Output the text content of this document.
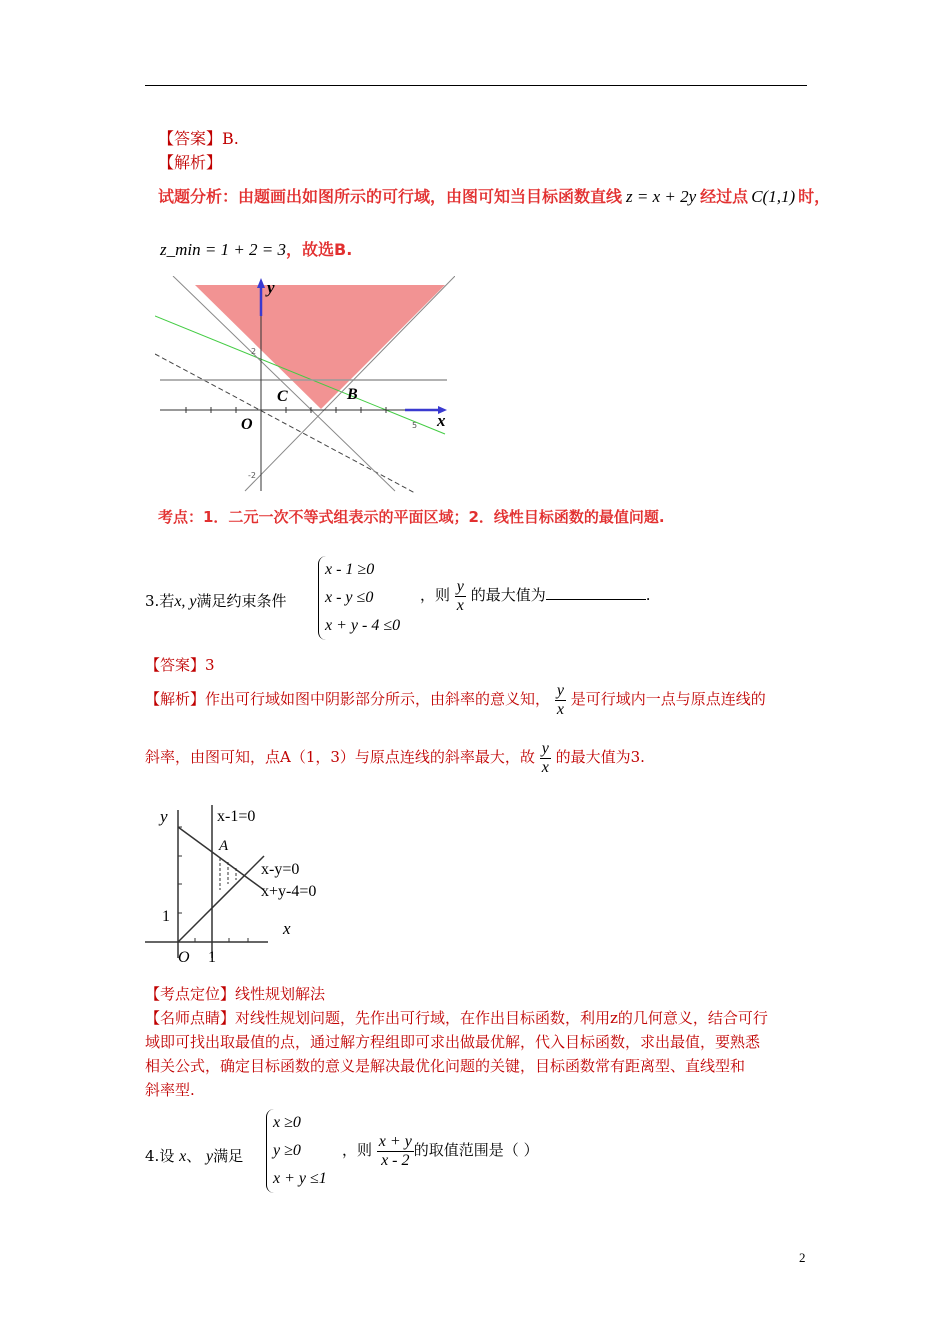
【答案】B.
【解析】
试题分析：由题画出如图所示的可行域，由图可知当目标函数直线 z = x + 2y 经过点 C(1,1) 时，
z_min = 1 + 2 = 3，故选B.
y
x
O
C	B
2
5
-2
考点：1．二元一次不等式组表示的平面区域；2．线性目标函数的最值问题.
3.若x, y满足约束条件
x - 1 ≥0
x - y ≤0
x + y - 4 ≤0
，则 $\frac{y}{x}$ 的最大值为	.
【答案】3
【解析】作出可行域如图中阴影部分所示，由斜率的意义知， $\frac{y}{x}$ 是可行域内一点与原点连线的
斜率，由图可知，点A（1，3）与原点连线的斜率最大，故 $\frac{y}{x}$ 的最大值为3.
y
x
O 1
1
A
x-1=0
x-y=0
x+y-4=0
【考点定位】线性规划解法
【名师点睛】对线性规划问题，先作出可行域，在作出目标函数，利用z的几何意义，结合可行
域即可找出取最值的点，通过解方程组即可求出做最优解，代入目标函数，求出最值，要熟悉
相关公式，确定目标函数的意义是解决最优化问题的关键，目标函数常有距离型、直线型和
斜率型.
4.设 x、 y满足
x ≥0
y ≥0
x + y ≤1
，则 $\frac{x + y}{x - 2}$ 的取值范围是（ ）
2
